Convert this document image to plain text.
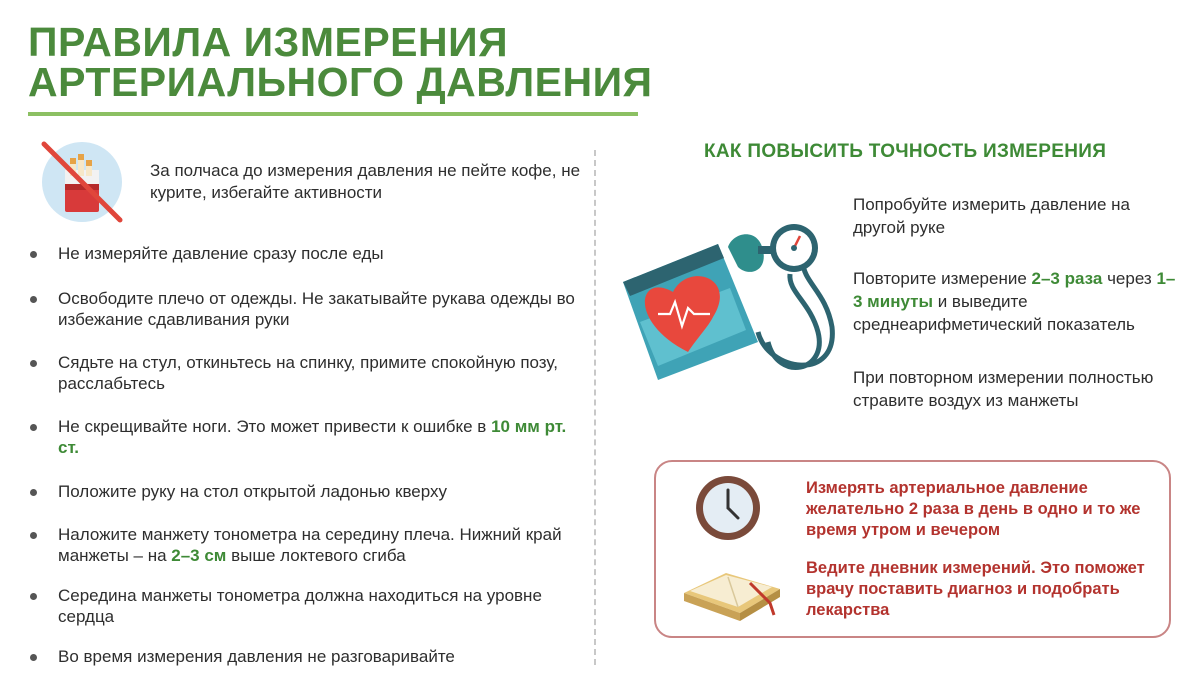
ПРАВИЛА ИЗМЕРЕНИЯ
АРТЕРИАЛЬНОГО ДАВЛЕНИЯ
За полчаса до измерения давления не пейте кофе, не курите, избегайте активности
Не измеряйте давление сразу после еды
Освободите плечо от одежды. Не закатывайте рукава одежды во избежание сдавливания руки
Сядьте на стул, откиньтесь на спинку, примите спокойную позу, расслабьтесь
Не скрещивайте ноги. Это может привести к ошибке в 10 мм рт. ст.
Положите руку на стол открытой ладонью кверху
Наложите манжету тонометра на середину плеча. Нижний край манжеты – на 2–3 см выше локтевого сгиба
Середина манжеты тонометра должна находиться на уровне сердца
Во время измерения давления не разговаривайте
КАК ПОВЫСИТЬ ТОЧНОСТЬ ИЗМЕРЕНИЯ
Попробуйте измерить давление на другой руке
Повторите измерение 2–3 раза через 1–3 минуты и выведите среднеарифметический показатель
При повторном измерении полностью стравите воздух из манжеты
Измерять артериальное давление желательно 2 раза в день в одно и то же время утром и вечером
Ведите дневник измерений. Это поможет врачу поставить диагноз и подобрать лекарства
